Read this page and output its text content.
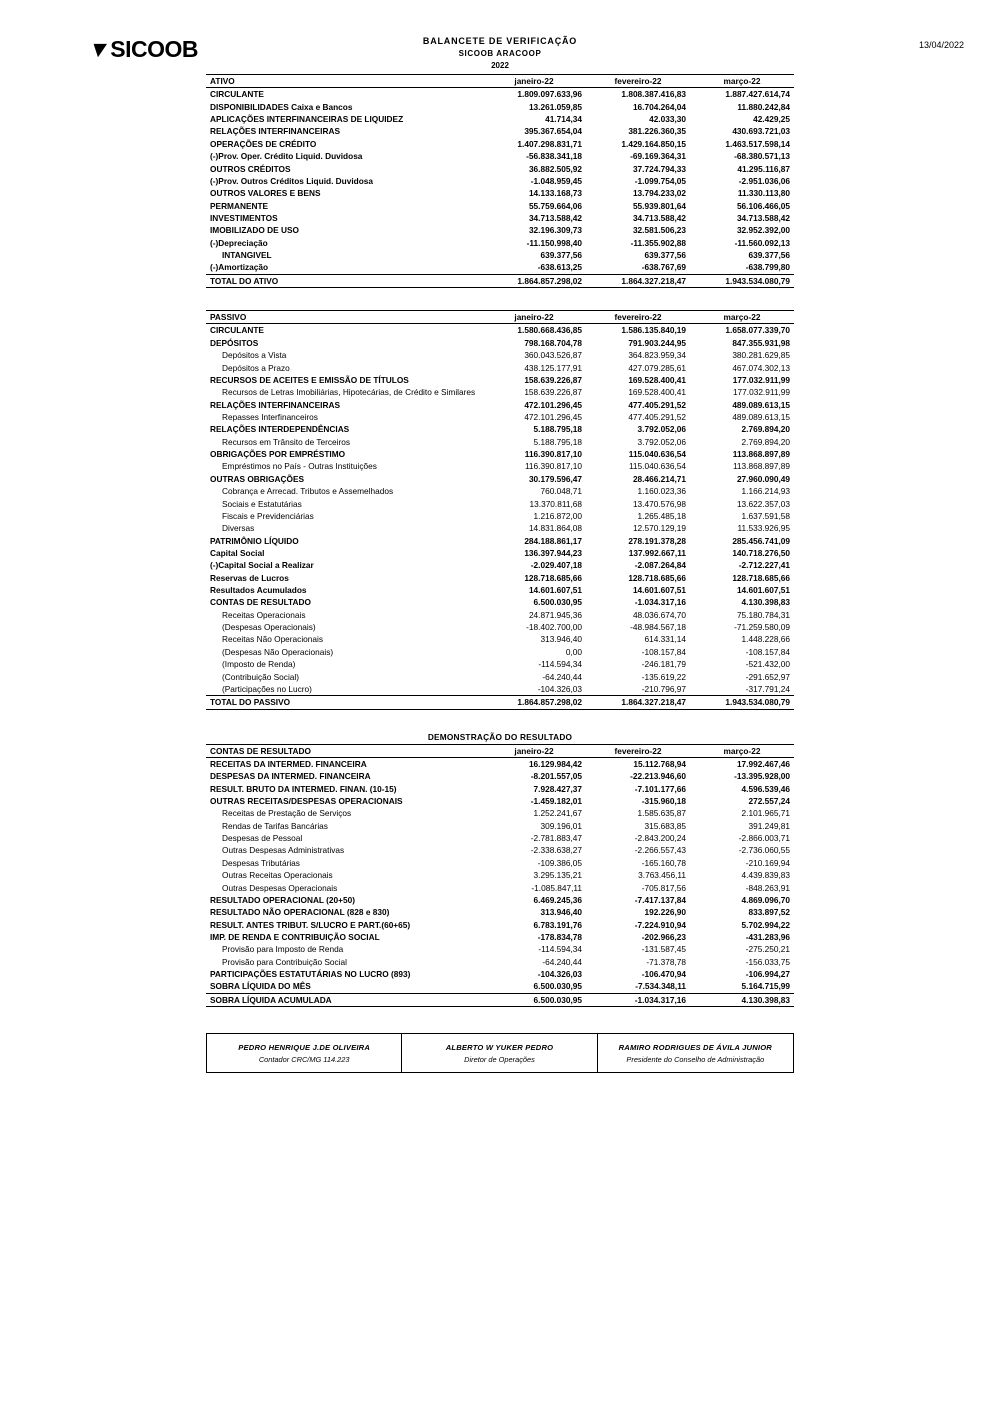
▼SICOOB	BALANCETE DE VERIFICAÇÃO
SICOOB ARACOOP
2022
13/04/2022
ATIVO	janeiro-22	fevereiro-22	março-22
CIRCULANTE	1.809.097.633,96	1.808.387.416,83	1.887.427.614,74
DISPONIBILIDADES Caixa e Bancos	13.261.059,85	16.704.264,04	11.880.242,84
APLICAÇÕES INTERFINANCEIRAS DE LIQUIDEZ	41.714,34	42.033,30	42.429,25
RELAÇÕES INTERFINANCEIRAS	395.367.654,04	381.226.360,35	430.693.721,03
OPERAÇÕES DE CRÉDITO	1.407.298.831,71	1.429.164.850,15	1.463.517.598,14
(-)Prov. Oper. Crédito Liquid. Duvidosa	-56.838.341,18	-69.169.364,31	-68.380.571,13
OUTROS CRÉDITOS	36.882.505,92	37.724.794,33	41.295.116,87
(-)Prov. Outros Créditos Liquid. Duvidosa	-1.048.959,45	-1.099.754,05	-2.951.036,06
OUTROS VALORES E BENS	14.133.168,73	13.794.233,02	11.330.113,80
PERMANENTE	55.759.664,06	55.939.801,64	56.106.466,05
INVESTIMENTOS	34.713.588,42	34.713.588,42	34.713.588,42
IMOBILIZADO DE USO	32.196.309,73	32.581.506,23	32.952.392,00
(-)Depreciação	-11.150.998,40	-11.355.902,88	-11.560.092,13
INTANGIVEL	639.377,56	639.377,56	639.377,56
(-)Amortização	-638.613,25	-638.767,69	-638.799,80
TOTAL DO ATIVO	1.864.857.298,02	1.864.327.218,47	1.943.534.080,79
PASSIVO	janeiro-22	fevereiro-22	março-22
CIRCULANTE	1.580.668.436,85	1.586.135.840,19	1.658.077.339,70
DEPÓSITOS	798.168.704,78	791.903.244,95	847.355.931,98
Depósitos a Vista	360.043.526,87	364.823.959,34	380.281.629,85
Depósitos a Prazo	438.125.177,91	427.079.285,61	467.074.302,13
RECURSOS DE ACEITES E EMISSÃO DE TÍTULOS	158.639.226,87	169.528.400,41	177.032.911,99
Recursos de Letras Imobiliárias, Hipotecárias, de Crédito e Similares	158.639.226,87	169.528.400,41	177.032.911,99
RELAÇÕES INTERFINANCEIRAS	472.101.296,45	477.405.291,52	489.089.613,15
Repasses Interfinanceiros	472.101.296,45	477.405.291,52	489.089.613,15
RELAÇÕES INTERDEPENDÊNCIAS	5.188.795,18	3.792.052,06	2.769.894,20
Recursos em Trânsito de Terceiros	5.188.795,18	3.792.052,06	2.769.894,20
OBRIGAÇÕES POR EMPRÉSTIMO	116.390.817,10	115.040.636,54	113.868.897,89
Empréstimos no País - Outras Instituições	116.390.817,10	115.040.636,54	113.868.897,89
OUTRAS OBRIGAÇÕES	30.179.596,47	28.466.214,71	27.960.090,49
Cobrança e Arrecad. Tributos e Assemelhados	760.048,71	1.160.023,36	1.166.214,93
Sociais e Estatutárias	13.370.811,68	13.470.576,98	13.622.357,03
Fiscais e Previdenciárias	1.216.872,00	1.265.485,18	1.637.591,58
Diversas	14.831.864,08	12.570.129,19	11.533.926,95
PATRIMÔNIO LÍQUIDO	284.188.861,17	278.191.378,28	285.456.741,09
Capital Social	136.397.944,23	137.992.667,11	140.718.276,50
(-)Capital Social a Realizar	-2.029.407,18	-2.087.264,84	-2.712.227,41
Reservas de Lucros	128.718.685,66	128.718.685,66	128.718.685,66
Resultados Acumulados	14.601.607,51	14.601.607,51	14.601.607,51
CONTAS DE RESULTADO	6.500.030,95	-1.034.317,16	4.130.398,83
Receitas Operacionais	24.871.945,36	48.036.674,70	75.180.784,31
(Despesas Operacionais)	-18.402.700,00	-48.984.567,18	-71.259.580,09
Receitas Não Operacionais	313.946,40	614.331,14	1.448.228,66
(Despesas Não Operacionais)	0,00	-108.157,84	-108.157,84
(Imposto de Renda)	-114.594,34	-246.181,79	-521.432,00
(Contribuição Social)	-64.240,44	-135.619,22	-291.652,97
(Participações no Lucro)	-104.326,03	-210.796,97	-317.791,24
TOTAL DO PASSIVO	1.864.857.298,02	1.864.327.218,47	1.943.534.080,79
DEMONSTRAÇÃO DO RESULTADO
CONTAS DE RESULTADO	janeiro-22	fevereiro-22	março-22
RECEITAS DA INTERMED. FINANCEIRA	16.129.984,42	15.112.768,94	17.992.467,46
DESPESAS DA INTERMED. FINANCEIRA	-8.201.557,05	-22.213.946,60	-13.395.928,00
RESULT. BRUTO DA INTERMED. FINAN. (10-15)	7.928.427,37	-7.101.177,66	4.596.539,46
OUTRAS RECEITAS/DESPESAS OPERACIONAIS	-1.459.182,01	-315.960,18	272.557,24
Receitas de Prestação de Serviços	1.252.241,67	1.585.635,87	2.101.965,71
Rendas de Tarifas Bancárias	309.196,01	315.683,85	391.249,81
Despesas de Pessoal	-2.781.883,47	-2.843.200,24	-2.866.003,71
Outras Despesas Administrativas	-2.338.638,27	-2.266.557,43	-2.736.060,55
Despesas Tributárias	-109.386,05	-165.160,78	-210.169,94
Outras Receitas Operacionais	3.295.135,21	3.763.456,11	4.439.839,83
Outras Despesas Operacionais	-1.085.847,11	-705.817,56	-848.263,91
RESULTADO OPERACIONAL (20+50)	6.469.245,36	-7.417.137,84	4.869.096,70
RESULTADO NÃO OPERACIONAL (828 e 830)	313.946,40	192.226,90	833.897,52
RESULT. ANTES TRIBUT. S/LUCRO E PART.(60+65)	6.783.191,76	-7.224.910,94	5.702.994,22
IMP. DE RENDA E CONTRIBUIÇÃO SOCIAL	-178.834,78	-202.966,23	-431.283,96
Provisão para Imposto de Renda	-114.594,34	-131.587,45	-275.250,21
Provisão para Contribuição Social	-64.240,44	-71.378,78	-156.033,75
PARTICIPAÇÕES ESTATUTÁRIAS NO LUCRO (893)	-104.326,03	-106.470,94	-106.994,27
SOBRA LÍQUIDA DO MÊS	6.500.030,95	-7.534.348,11	5.164.715,99
SOBRA LÍQUIDA ACUMULADA	6.500.030,95	-1.034.317,16	4.130.398,83
PEDRO HENRIQUE J.DE OLIVEIRA
Contador CRC/MG 114.223
ALBERTO W YUKER PEDRO
Diretor de Operações
RAMIRO RODRIGUES DE ÁVILA JUNIOR
Presidente do Conselho de Administração
